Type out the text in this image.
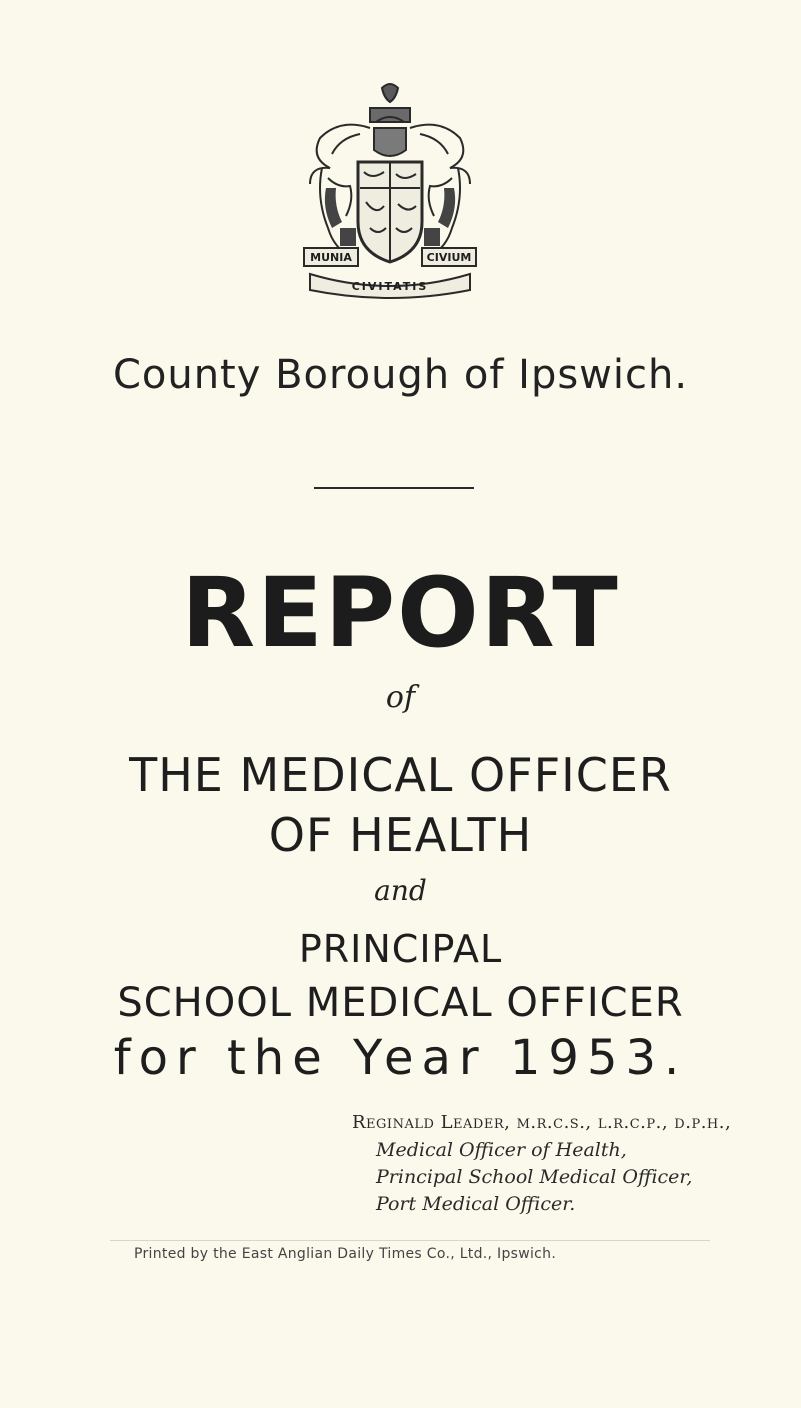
MUNIA	CIVIUM
CIVITATIS
County Borough of Ipswich.
REPORT
of
THE MEDICAL OFFICER
OF HEALTH
and
PRINCIPAL
SCHOOL MEDICAL OFFICER
for the Year 1953.
Reginald Leader, m.r.c.s., l.r.c.p., d.p.h.,
Medical Officer of Health,
Principal School Medical Officer,
Port Medical Officer.
Printed by the East Anglian Daily Times Co., Ltd., Ipswich.
